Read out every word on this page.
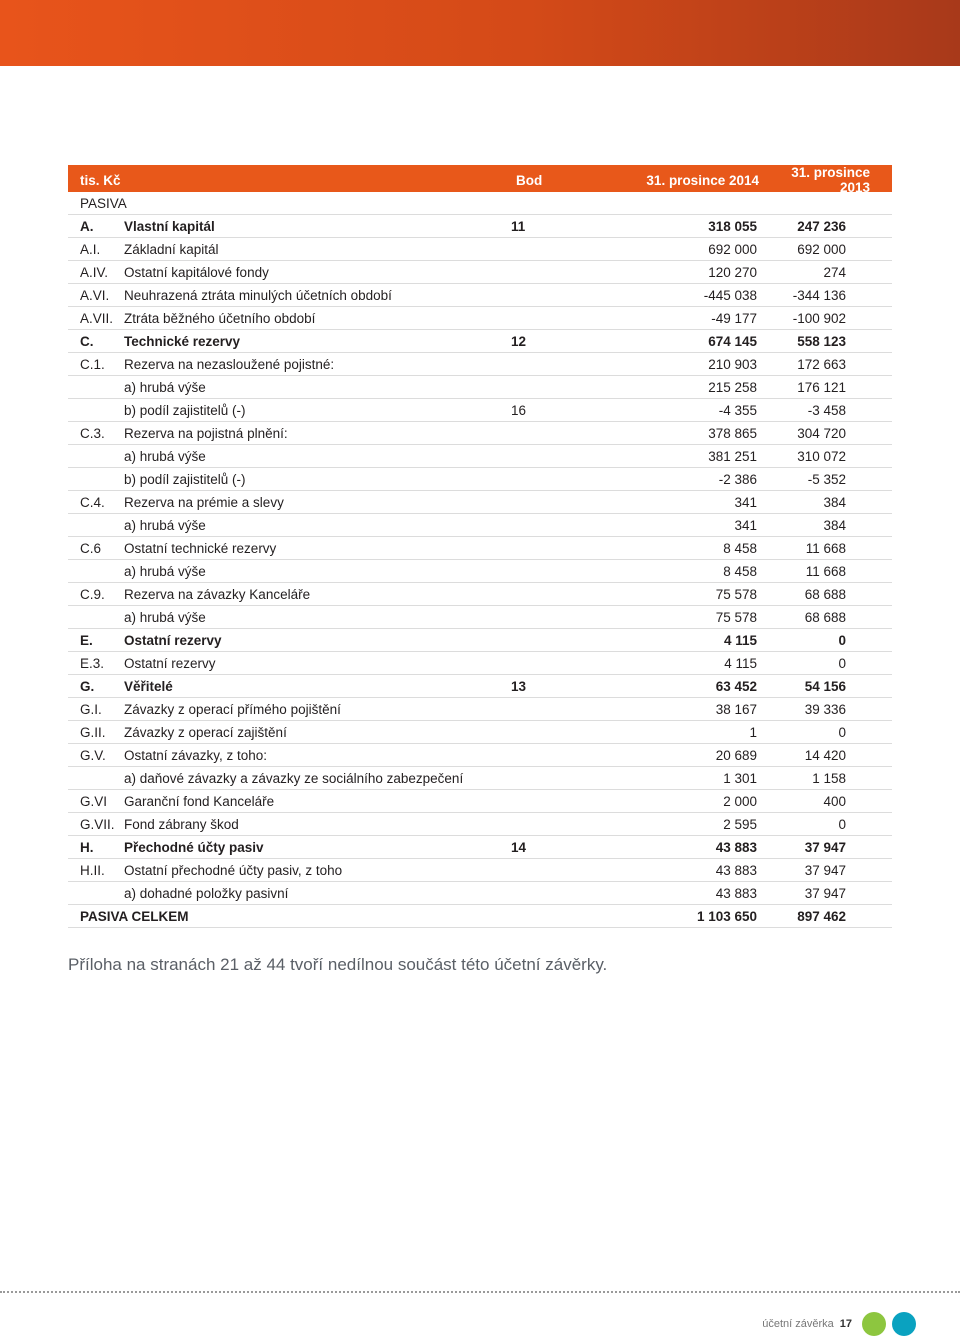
tis. Kč	Bod	31. prosince 2014	31. prosince 2013
PASIVA
A.	Vlastní kapitál	11	318 055	247 236
A.I.	Základní kapitál	692 000	692 000
A.IV.	Ostatní kapitálové fondy	120 270	274
A.VI.	Neuhrazená ztráta minulých účetních období	-445 038	-344 136
A.VII. Ztráta běžného účetního období	-49 177	-100 902
C.	Technické rezervy	12	674 145	558 123
C.1.	Rezerva na nezasloužené pojistné:	210 903	172 663
a) hrubá výše	215 258	176 121
b) podíl zajistitelů (-)	16	-4 355	-3 458
C.3.	Rezerva na pojistná plnění:	378 865	304 720
a) hrubá výše	381 251	310 072
b) podíl zajistitelů (-)	-2 386	-5 352
C.4.	Rezerva na prémie a slevy	341	384
a) hrubá výše	341	384
C.6	Ostatní technické rezervy	8 458	11 668
a) hrubá výše	8 458	11 668
C.9.	Rezerva na závazky Kanceláře	75 578	68 688
a) hrubá výše	75 578	68 688
E.	Ostatní rezervy	4 115	0
E.3.	Ostatní rezervy	4 115	0
G.	Věřitelé	13	63 452	54 156
G.I.	Závazky z operací přímého pojištění	38 167	39 336
G.II.	Závazky z operací zajištění	1	0
G.V.	Ostatní závazky, z toho:	20 689	14 420
a) daňové závazky a závazky ze sociálního zabezpečení	1 301	1 158
G.VI	Garanční fond Kanceláře	2 000	400
G.VII. Fond zábrany škod	2 595	0
H.	Přechodné účty pasiv	14	43 883	37 947
H.II.	Ostatní přechodné účty pasiv, z toho	43 883	37 947
a) dohadné položky pasivní	43 883	37 947
PASIVA CELKEM	1 103 650	897 462
Příloha na stranách 21 až 44 tvoří nedílnou součást této účetní závěrky.
účetní závěrka 17
